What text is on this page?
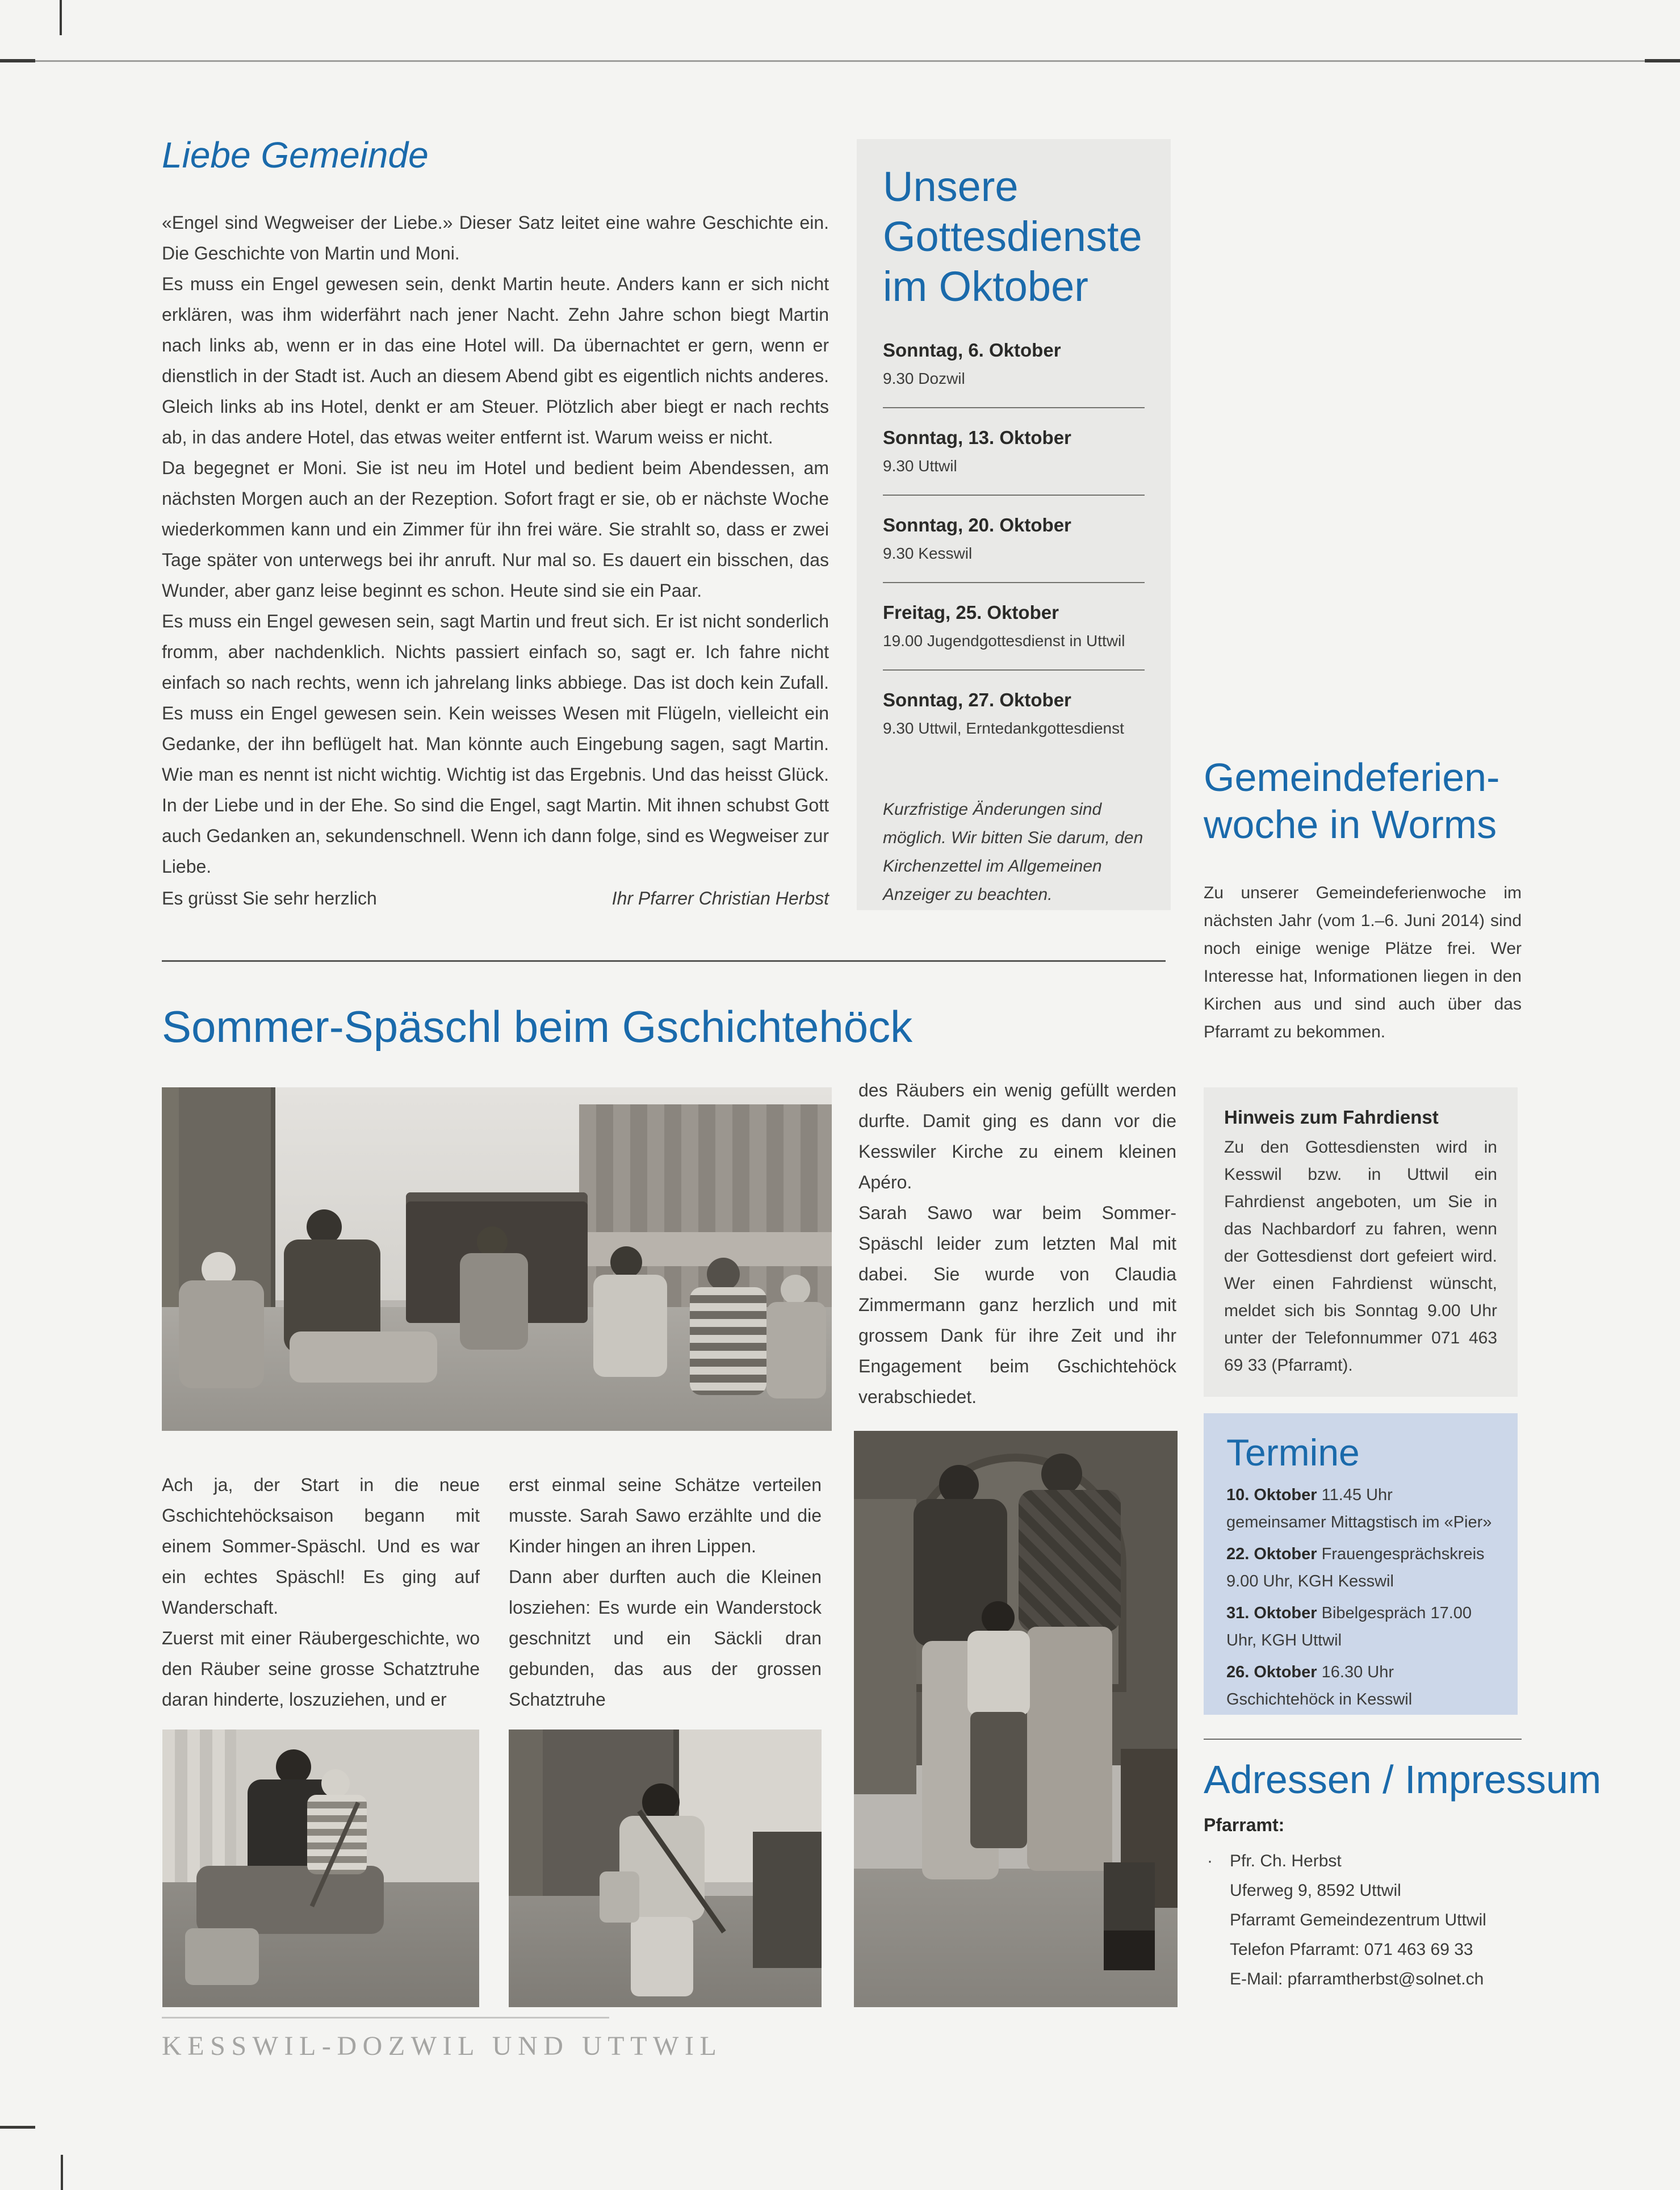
Liebe Gemeinde

«Engel sind Wegweiser der Liebe.» Dieser Satz leitet eine wahre Geschichte ein. Die Geschichte von Martin und Moni.

Es muss ein Engel gewesen sein, denkt Martin heute. Anders kann er sich nicht erklären, was ihm widerfährt nach jener Nacht. Zehn Jahre schon biegt Martin nach links ab, wenn er in das eine Hotel will. Da übernachtet er gern, wenn er dienstlich in der Stadt ist. Auch an diesem Abend gibt es eigentlich nichts anderes. Gleich links ab ins Hotel, denkt er am Steuer. Plötzlich aber biegt er nach rechts ab, in das andere Hotel, das etwas weiter entfernt ist. Warum weiss er nicht.

Da begegnet er Moni. Sie ist neu im Hotel und bedient beim Abendessen, am nächsten Morgen auch an der Rezeption. Sofort fragt er sie, ob er nächste Woche wiederkommen kann und ein Zimmer für ihn frei wäre. Sie strahlt so, dass er zwei Tage später von unterwegs bei ihr anruft. Nur mal so. Es dauert ein bisschen, das Wunder, aber ganz leise beginnt es schon. Heute sind sie ein Paar.

Es muss ein Engel gewesen sein, sagt Martin und freut sich. Er ist nicht sonderlich fromm, aber nachdenklich. Nichts passiert einfach so, sagt er. Ich fahre nicht einfach so nach rechts, wenn ich jahrelang links abbiege. Das ist doch kein Zufall. Es muss ein Engel gewesen sein. Kein weisses Wesen mit Flügeln, vielleicht ein Gedanke, der ihn beflügelt hat. Man könnte auch Eingebung sagen, sagt Martin. Wie man es nennt ist nicht wichtig. Wichtig ist das Ergebnis. Und das heisst Glück. In der Liebe und in der Ehe. So sind die Engel, sagt Martin. Mit ihnen schubst Gott auch Gedanken an, sekundenschnell. Wenn ich dann folge, sind es Wegweiser zur Liebe.

Es grüsst Sie sehr herzlich	Ihr Pfarrer Christian Herbst
Unsere Gottesdienste
im Oktober
Sonntag, 6. Oktober
9.30 Dozwil
Sonntag, 13. Oktober
9.30 Uttwil
Sonntag, 20. Oktober
9.30 Kesswil
Freitag, 25. Oktober
19.00 Jugendgottesdienst in Uttwil
Sonntag, 27. Oktober
9.30 Uttwil, Erntedankgottesdienst
Kurzfristige Änderungen sind möglich. Wir bitten Sie darum, den Kirchenzettel im Allgemeinen Anzeiger zu beachten.
Sommer-Späschl beim Gschichtehöck

des Räubers ein wenig gefüllt werden durfte. Damit ging es dann vor die Kesswiler Kirche zu einem kleinen Apéro.

Sarah Sawo war beim Sommer-Späschl leider zum letzten Mal mit dabei. Sie wurde von Claudia Zimmermann ganz herzlich und mit grossem Dank für ihre Zeit und ihr Engagement beim Gschichtehöck verabschiedet.

Ach ja, der Start in die neue Gschichtehöcksaison begann mit einem Sommer-Späschl. Und es war ein echtes Späschl! Es ging auf Wanderschaft.

Zuerst mit einer Räubergeschichte, wo den Räuber seine grosse Schatztruhe daran hinderte, loszuziehen, und er

erst einmal seine Schätze verteilen musste. Sarah Sawo erzählte und die Kinder hingen an ihren Lippen.

Dann aber durften auch die Kleinen losziehen: Es wurde ein Wanderstock geschnitzt und ein Säckli dran gebunden, das aus der grossen Schatztruhe

Gemeindeferien-
woche in Worms

Zu unserer Gemeindeferienwoche im nächsten Jahr (vom 1.–6. Juni 2014) sind noch einige wenige Plätze frei. Wer Interesse hat, Informationen liegen in den Kirchen aus und sind auch über das Pfarramt zu bekommen.

Hinweis zum Fahrdienst
Zu den Gottesdiensten wird in Kesswil bzw. in Uttwil ein Fahrdienst angeboten, um Sie in das Nachbardorf zu fahren, wenn der Gottesdienst dort gefeiert wird. Wer einen Fahrdienst wünscht, meldet sich bis Sonntag 9.00 Uhr unter der Telefonnummer 071 463 69 33 (Pfarramt).
Termine

10. Oktober 11.45 Uhr gemeinsamer Mittagstisch im «Pier»

22. Oktober Frauengesprächskreis 9.00 Uhr, KGH Kesswil

31. Oktober Bibelgespräch 17.00 Uhr, KGH Uttwil

26. Oktober 16.30 Uhr Gschichtehöck in Kesswil

Adressen / Impressum
Pfarramt:
· Pfr. Ch. Herbst
Uferweg 9, 8592 Uttwil
Pfarramt Gemeindezentrum Uttwil
Telefon Pfarramt: 071 463 69 33
E-Mail: pfarramtherbst@solnet.ch
KESSWIL-DOZWIL UND UTTWIL
